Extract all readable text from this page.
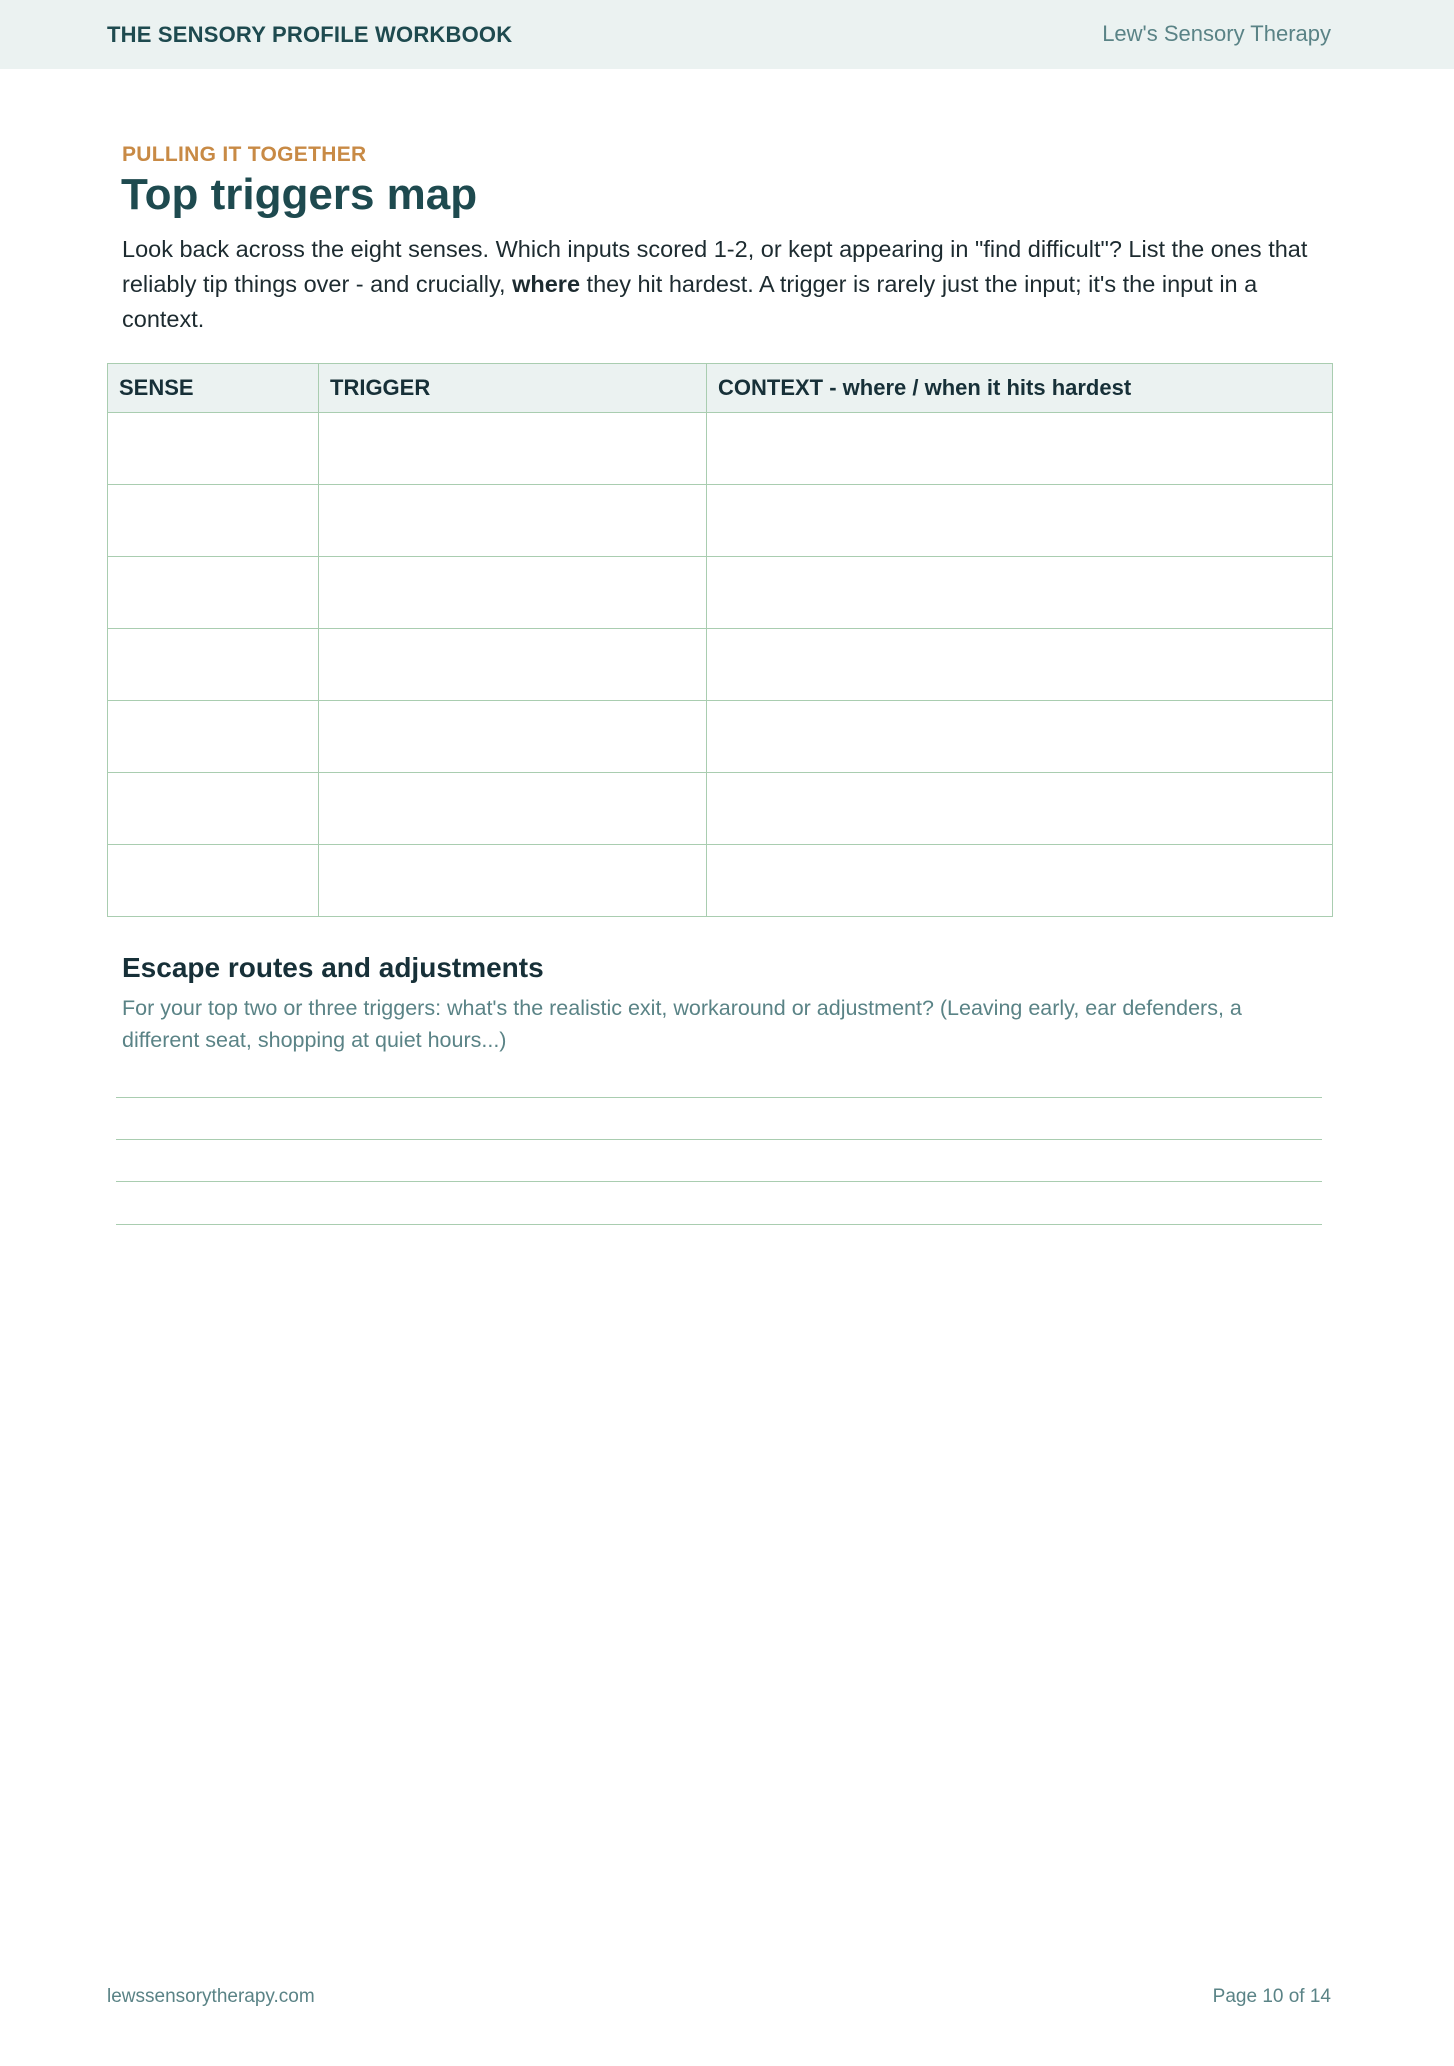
THE SENSORY PROFILE WORKBOOK	Lew's Sensory Therapy
PULLING IT TOGETHER
Top triggers map
Look back across the eight senses. Which inputs scored 1-2, or kept appearing in "find difficult"? List the ones that reliably tip things over - and crucially, where they hit hardest. A trigger is rarely just the input; it's the input in a context.
SENSE	TRIGGER	CONTEXT - where / when it hits hardest

Escape routes and adjustments
For your top two or three triggers: what's the realistic exit, workaround or adjustment? (Leaving early, ear defenders, a different seat, shopping at quiet hours...)
lewssensorytherapy.com	Page 10 of 14
